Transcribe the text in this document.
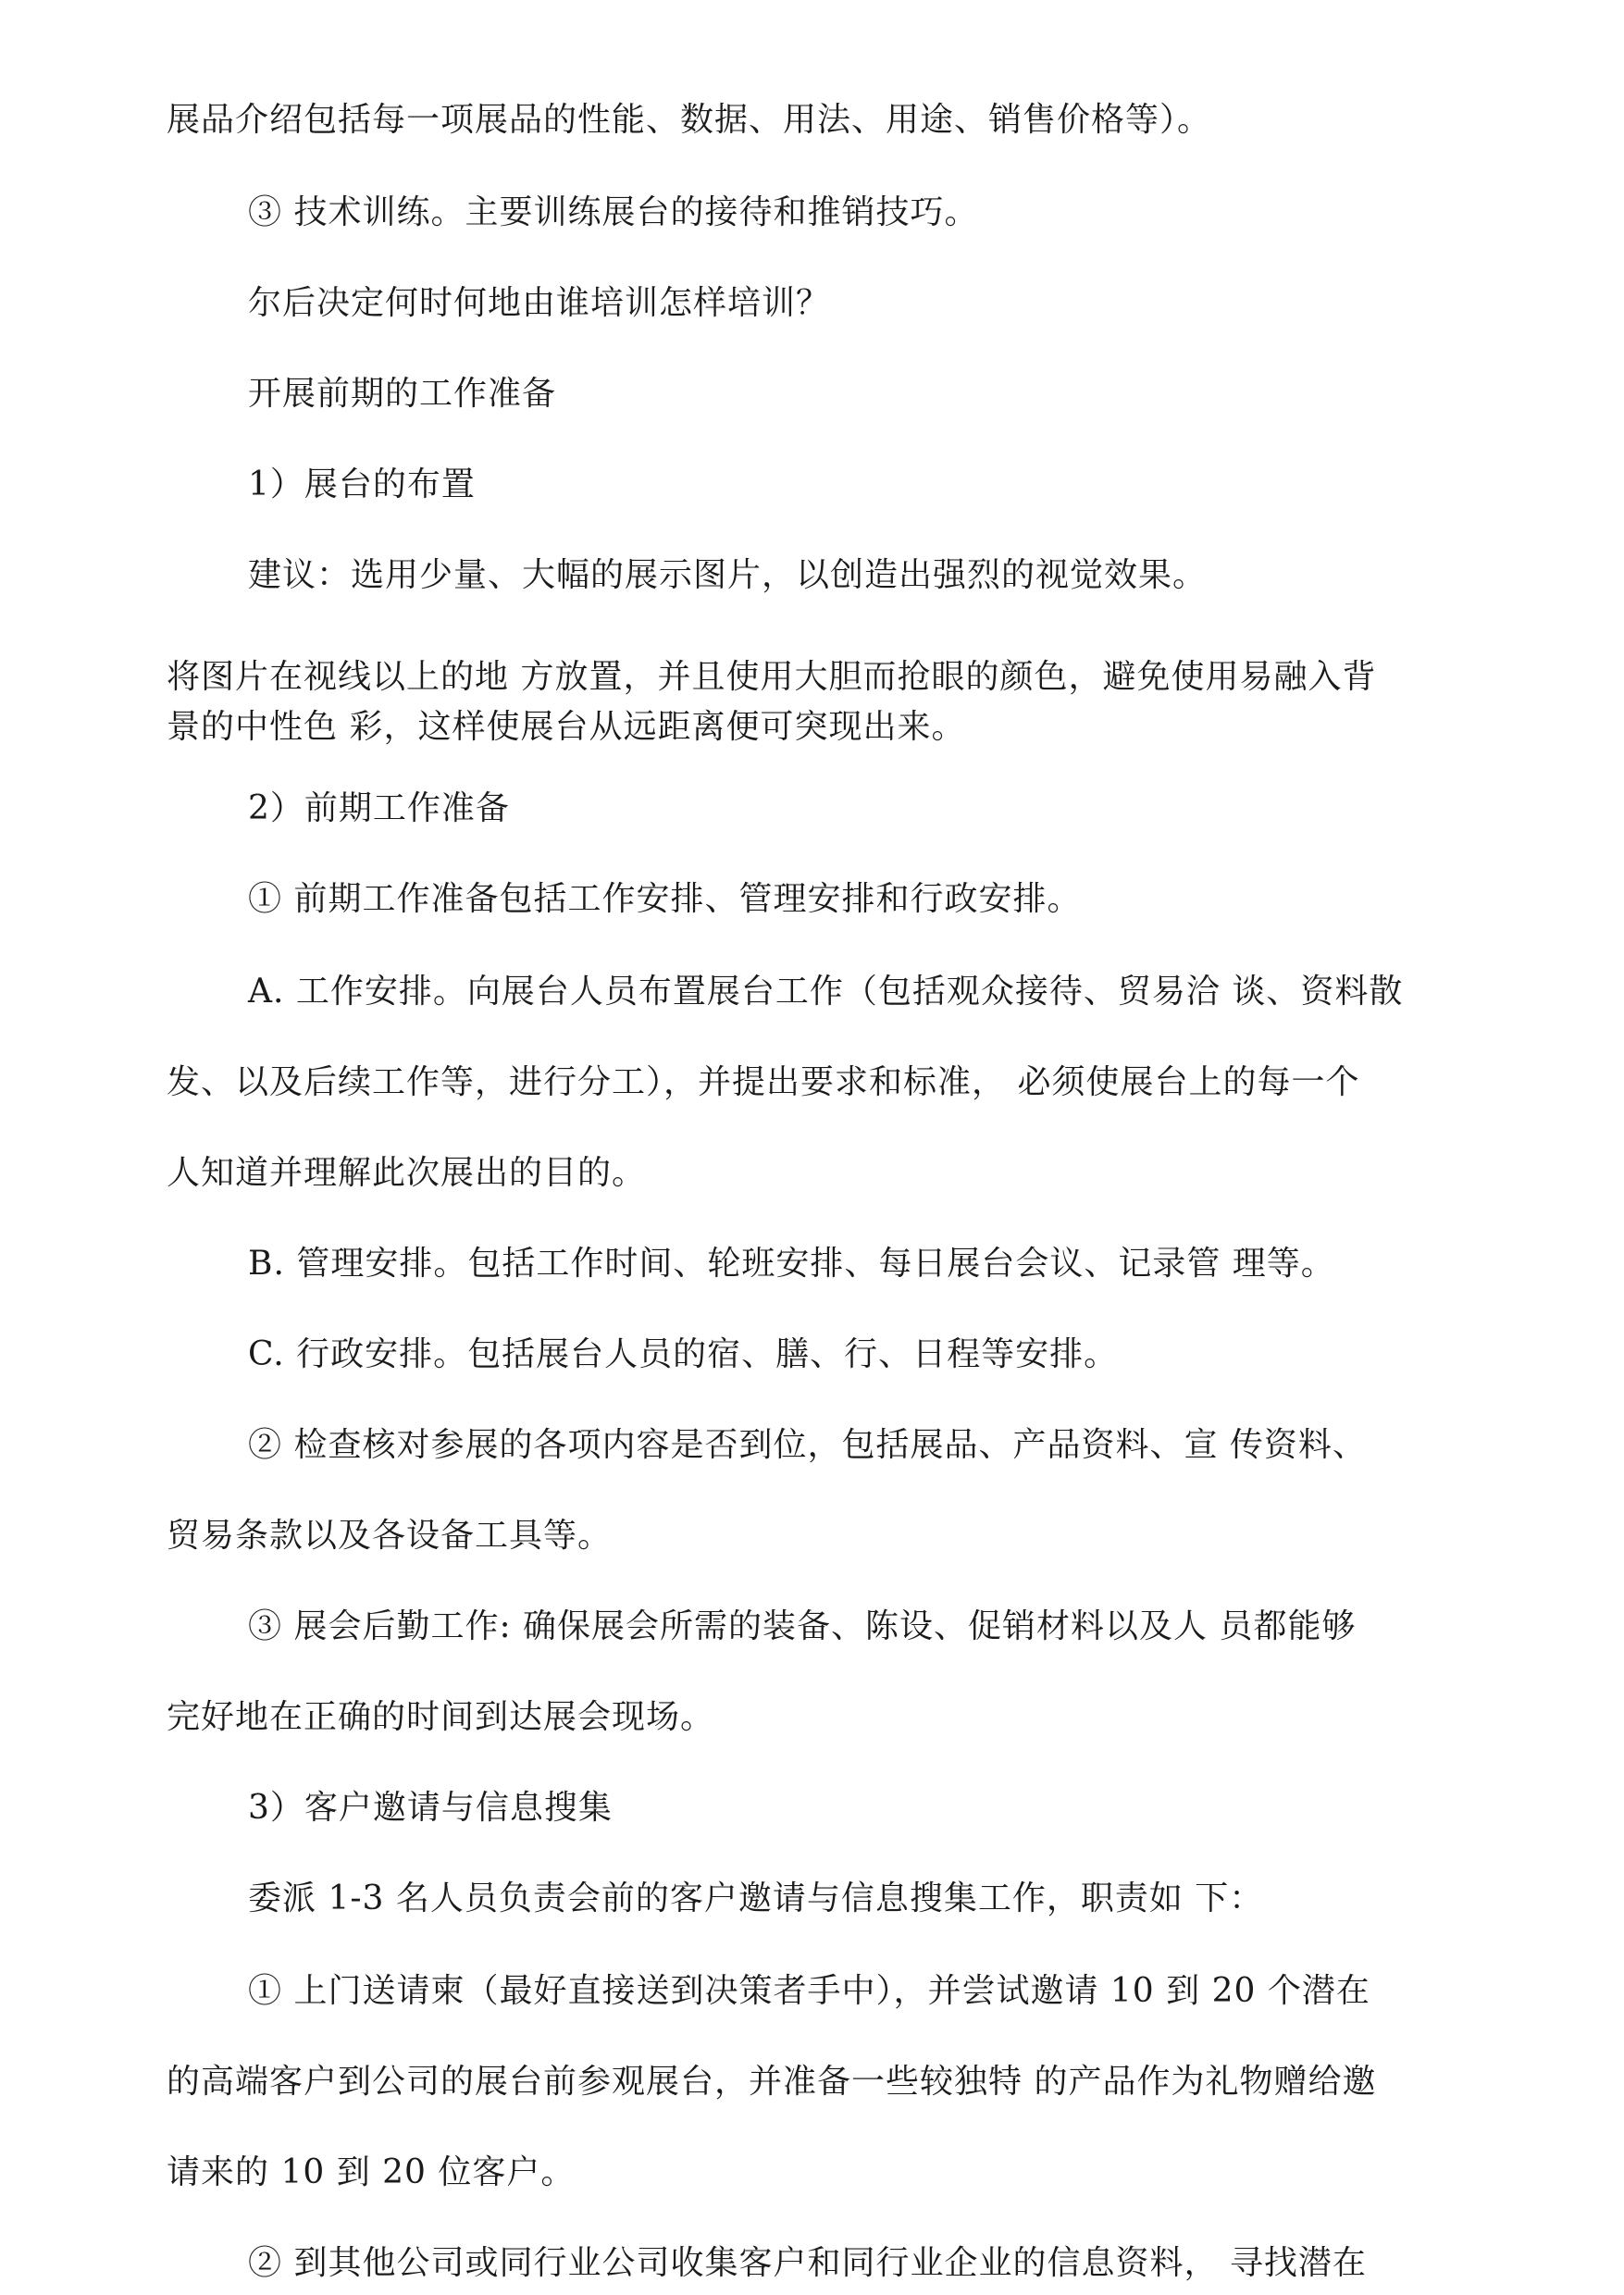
展品介绍包括每一项展品的性能、数据、用法、用途、销售价格等）。
③ 技术训练。主要训练展台的接待和推销技巧。
尔后决定何时何地由谁培训怎样培训？
开展前期的工作准备
1）展台的布置
建议：选用少量、大幅的展示图片，以创造出强烈的视觉效果。
将图片在视线以上的地 方放置，并且使用大胆而抢眼的颜色，避免使用易融入背
景的中性色 彩，这样使展台从远距离便可突现出来。
2）前期工作准备
① 前期工作准备包括工作安排、管理安排和行政安排。
A. 工作安排。向展台人员布置展台工作（包括观众接待、贸易洽 谈、资料散
发、以及后续工作等，进行分工），并提出要求和标准， 必须使展台上的每一个
人知道并理解此次展出的目的。
B. 管理安排。包括工作时间、轮班安排、每日展台会议、记录管 理等。
C. 行政安排。包括展台人员的宿、膳、行、日程等安排。
② 检查核对参展的各项内容是否到位，包括展品、产品资料、宣 传资料、
贸易条款以及各设备工具等。
③ 展会后勤工作: 确保展会所需的装备、陈设、促销材料以及人 员都能够
完好地在正确的时间到达展会现场。
3）客户邀请与信息搜集
委派 1-3 名人员负责会前的客户邀请与信息搜集工作，职责如 下：
① 上门送请柬（最好直接送到决策者手中），并尝试邀请 10 到 20 个潜在
的高端客户到公司的展台前参观展台，并准备一些较独特 的产品作为礼物赠给邀
请来的 10 到 20 位客户。
② 到其他公司或同行业公司收集客户和同行业企业的信息资料， 寻找潜在
